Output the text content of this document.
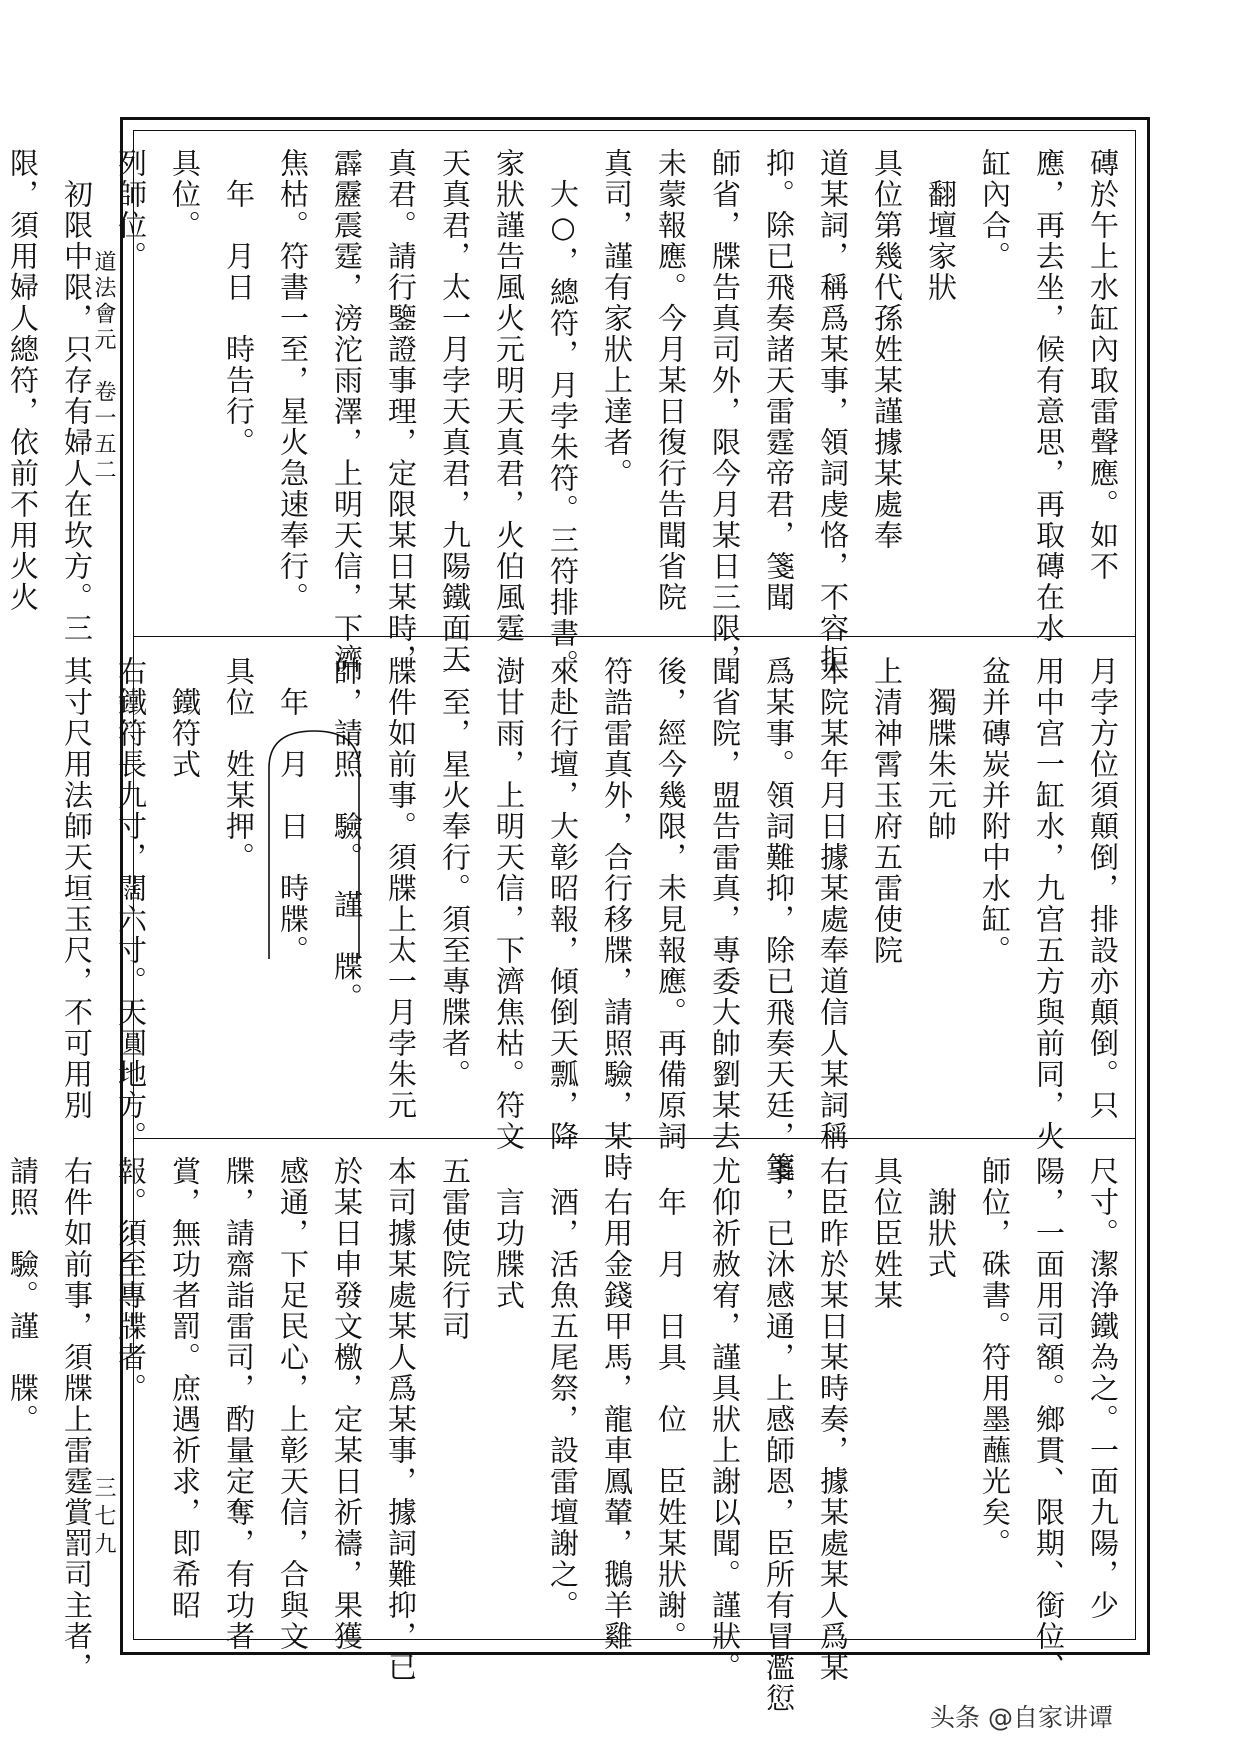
道法會元　卷一五二
三七九
磚於午上水缸內取雷聲應。如不
應，再去坐，候有意思，再取磚在水
缸內合。
　翻壇家狀
具位第幾代孫姓某謹據某處奉
道某詞，稱爲某事，領詞虔恪，不容拒
抑。除已飛奏諸天雷霆帝君，箋聞
師省，牒告真司外，限今月某日三限，
未蒙報應。今月某日復行告聞省院
真司，謹有家狀上達者。
　大○，總符，月孛朱符。三符排書。
家狀謹告風火元明天真君，火伯風霆
天真君，太一月孛天真君，九陽鐵面天
真君。請行鑒證事理，定限某日某時，
霹靂震霆，滂沱雨澤，上明天信，下濟
焦枯。符書一至，星火急速奉行。
　年　月日　時告行。
具位。
列師位。
　初限中限，只存有婦人在坎方。三
限，須用婦人總符，依前不用火火
月孛方位須顛倒，排設亦顛倒。只
用中宫一缸水，九宫五方與前同，火
盆并磚炭并附中水缸。
　獨牒朱元帥
上清神霄玉府五雷使院
本院某年月日據某處奉道信人某詞稱
爲某事。領詞難抑，除已飛奏天廷，箋
聞省院，盟告雷真，專委大帥劉某去
後，經今幾限，未見報應。再備原詞
符誥雷真外，合行移牒，請照驗，某時
來赴行壇，大彰昭報，傾倒天瓢，降
澍甘雨，上明天信，下濟焦枯。符文
一至，星火奉行。須至專牒者。
牒件如前事。須牒上太一月孛朱元
帥，請照　驗。　謹　牒。
　年　月　日　時牒。
具位　姓某押。
　鐵符式
右鐵符長九寸，闊六寸。天圓地方。
其寸尺用法師天垣玉尺，不可用別
尺寸。潔浄鐵為之。一面九陽，少
陽，一面用司額。鄉貫、限期、銜位、
師位，硃書。符用墨蘸光矣。
　謝狀式
具位臣姓某
右臣昨於某日某時奏，據某處某人爲某
事，已沐感通，上感師恩，臣所有冒濫愆
尤仰祈赦宥，謹具狀上謝以聞。謹狀。
　年　月　日具　位　臣姓某狀謝。
　右用金錢甲馬，龍車鳳輦，鵝羊雞
　酒，活魚五尾祭，設雷壇謝之。
　言功牒式
五雷使院行司
本司據某處某人爲某事，據詞難抑，已
於某日申發文檄，定某日祈禱，果獲
感通，下足民心，上彰天信，合與文
牒，請齋詣雷司，酌量定奪，有功者
賞，無功者罰。庶遇祈求，即希昭
報。須至專牒者。
右件如前事，須牒上雷霆賞罰司主者，
請照　驗。謹　牒。
头条 @自家讲谭
